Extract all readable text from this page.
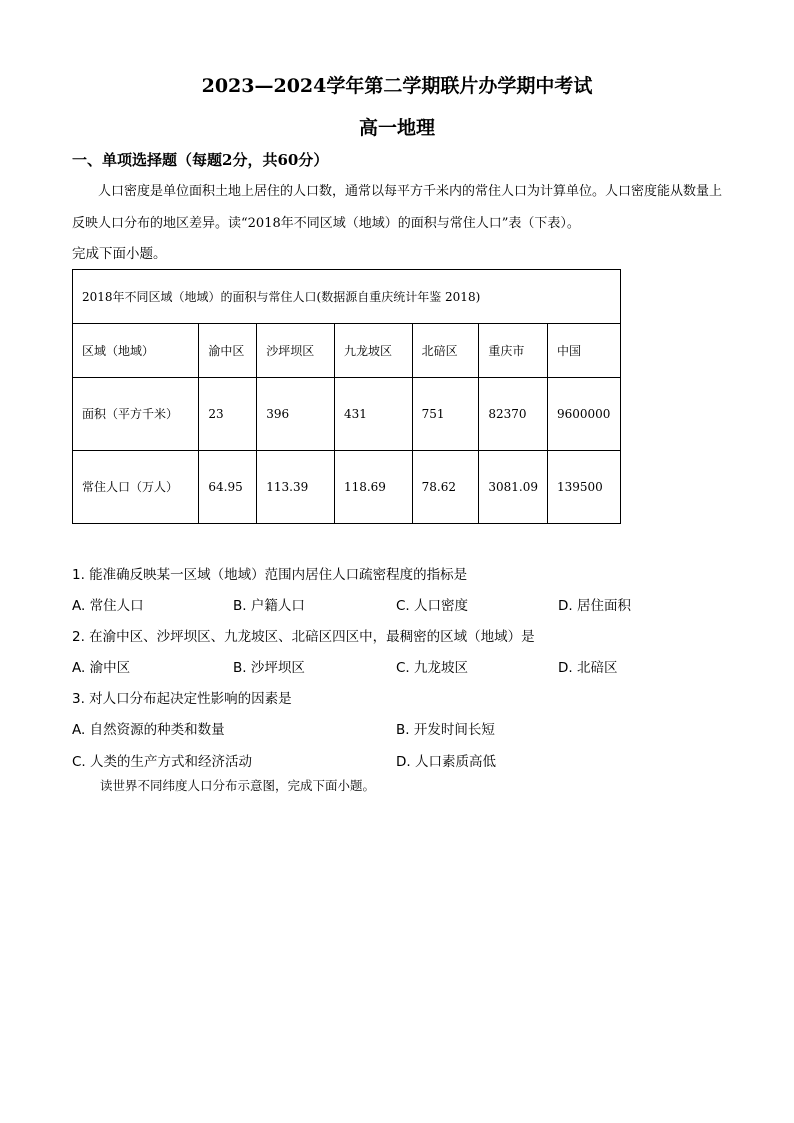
2023—2024学年第二学期联片办学期中考试
高一地理
一、单项选择题（每题2分，共60分）
人口密度是单位面积土地上居住的人口数，通常以每平方千米内的常住人口为计算单位。人口密度能从数量上反映人口分布的地区差异。读“2018年不同区域（地域）的面积与常住人口”表（下表）。
完成下面小题。
2018年不同区域（地域）的面积与常住人口(数据源自重庆统计年鉴 2018)						
区域（地域）	渝中区	沙坪坝区	九龙坡区	北碚区	重庆市	中国
面积（平方千米）	23	396	431	751	82370	9600000
常住人口（万人）	64.95	113.39	118.69	78.62	3081.09	139500
1. 能准确反映某一区域（地域）范围内居住人口疏密程度的指标是
A. 常住人口	B. 户籍人口	C. 人口密度	D. 居住面积
2. 在渝中区、沙坪坝区、九龙坡区、北碚区四区中，最稠密的区域（地域）是
A. 渝中区	B. 沙坪坝区	C. 九龙坡区	D. 北碚区
3. 对人口分布起决定性影响的因素是
A. 自然资源的种类和数量	B. 开发时间长短
C. 人类的生产方式和经济活动	D. 人口素质高低
读世界不同纬度人口分布示意图，完成下面小题。
